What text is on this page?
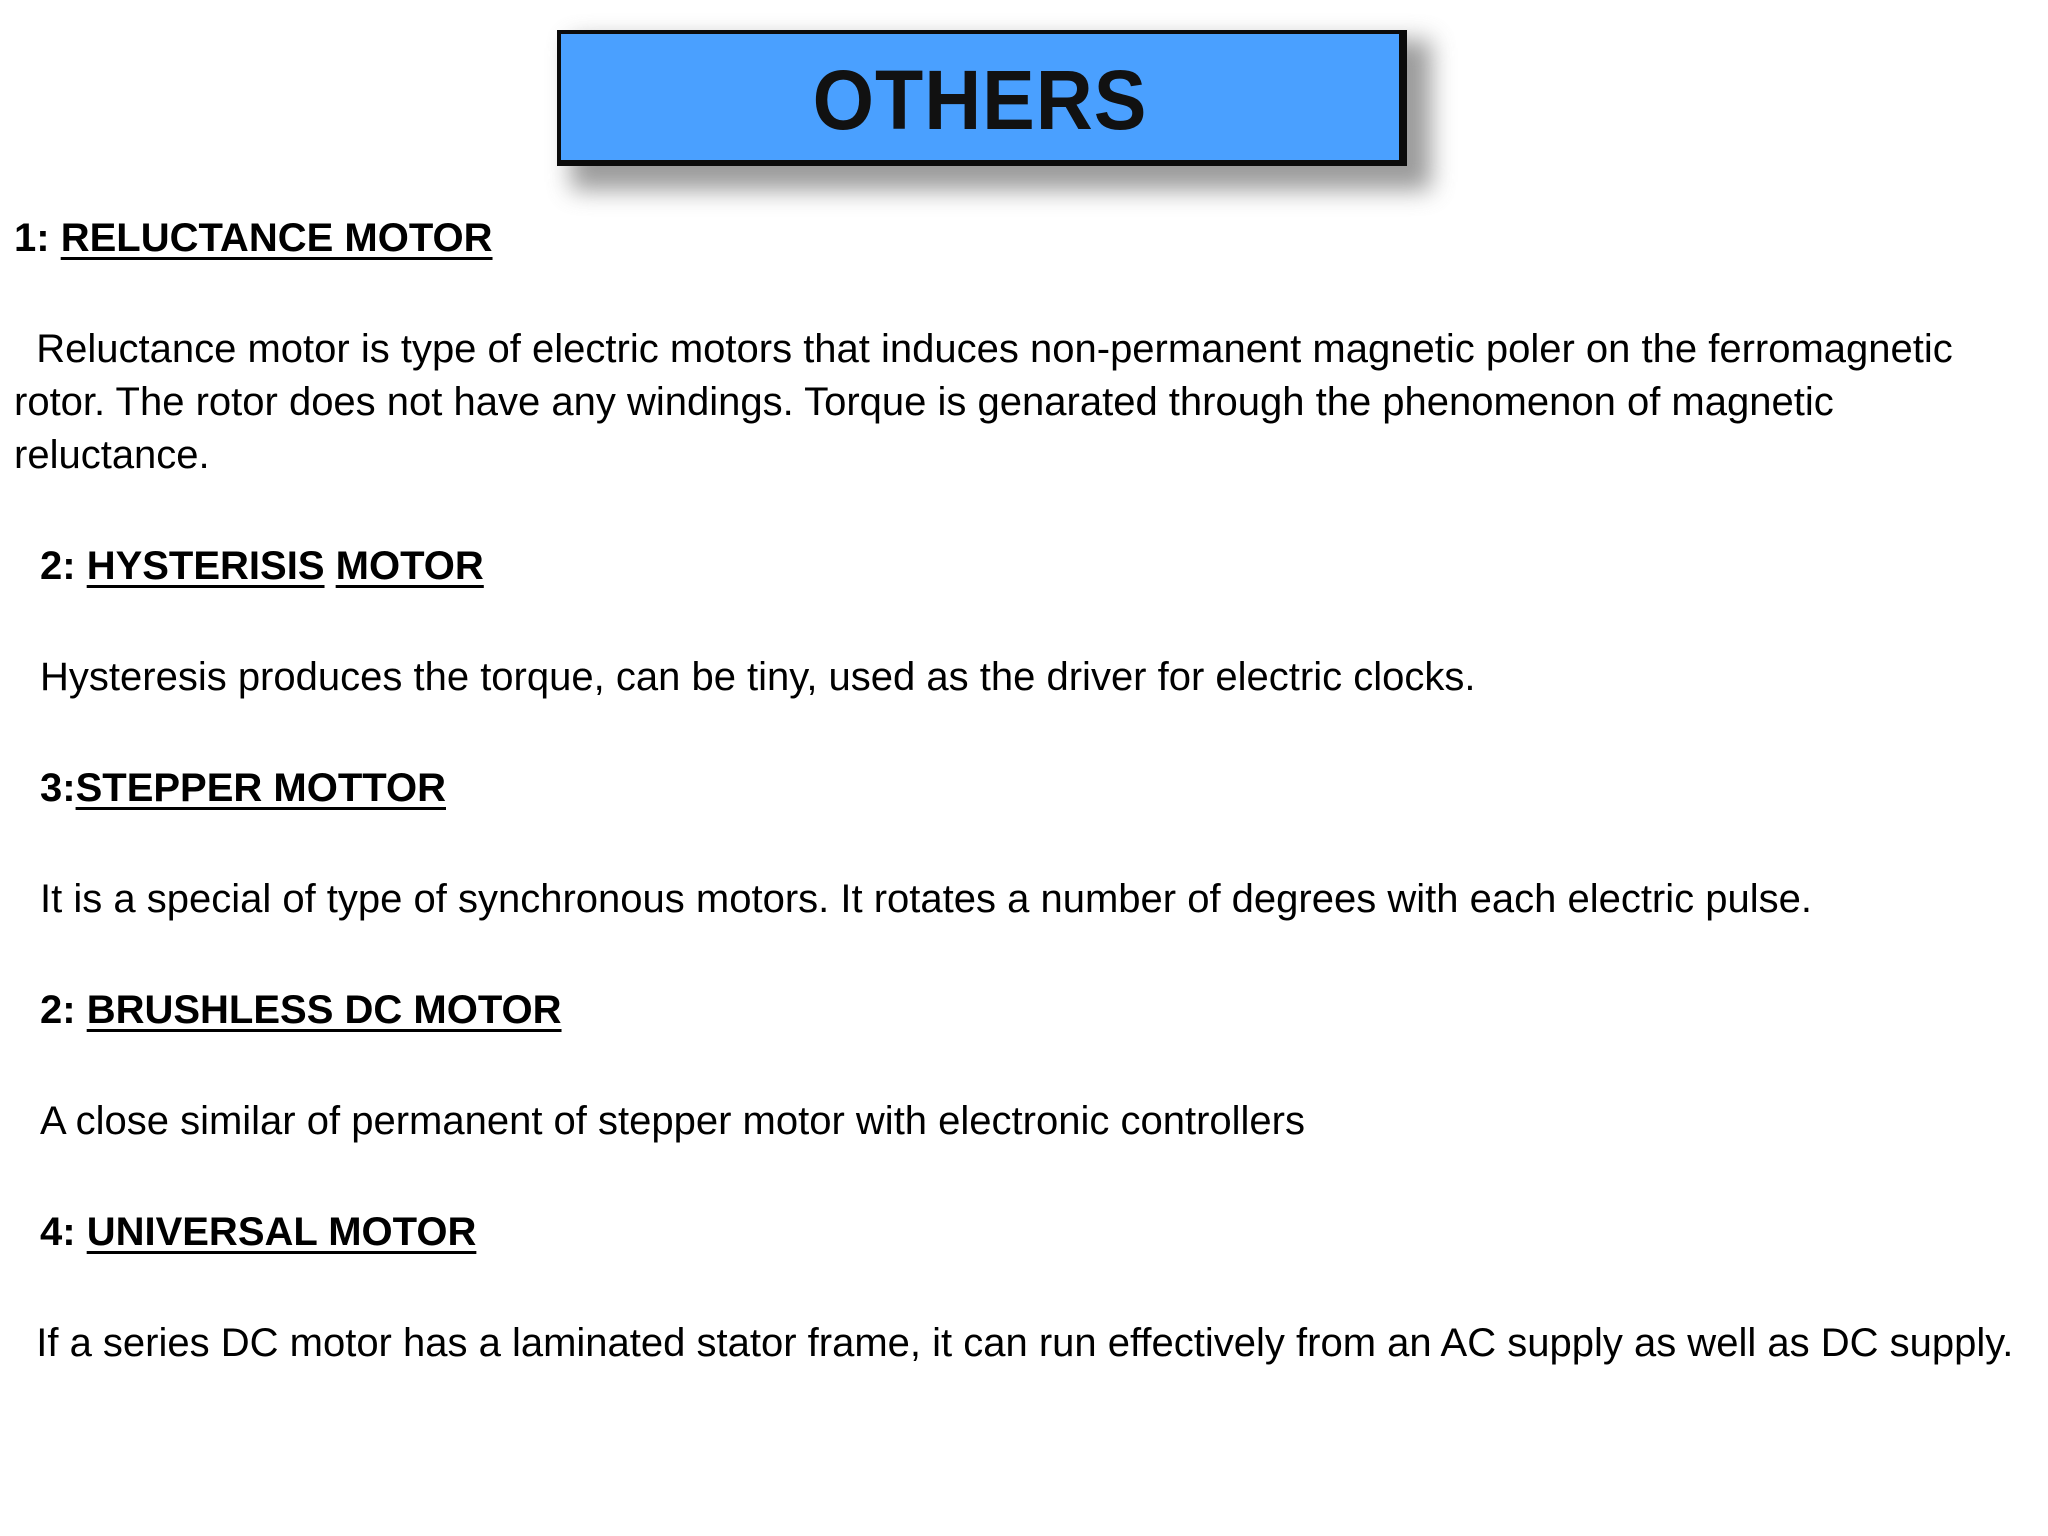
OTHERS

1: RELUCTANCE MOTOR

Reluctance motor is type of electric motors that induces non-permanent magnetic poler on the ferromagnetic rotor. The rotor does not have any windings. Torque is genarated through the phenomenon of magnetic reluctance.

2: HYSTERISIS MOTOR

Hysteresis produces the torque, can be tiny, used as the driver for electric clocks.

3:STEPPER MOTTOR

It is a special of type of synchronous motors. It rotates a number of degrees with each electric pulse.

2: BRUSHLESS DC MOTOR

A close similar of permanent of stepper motor with electronic controllers

4: UNIVERSAL MOTOR

If a series DC motor has a laminated stator frame, it can run effectively from an AC supply as well as DC supply.
